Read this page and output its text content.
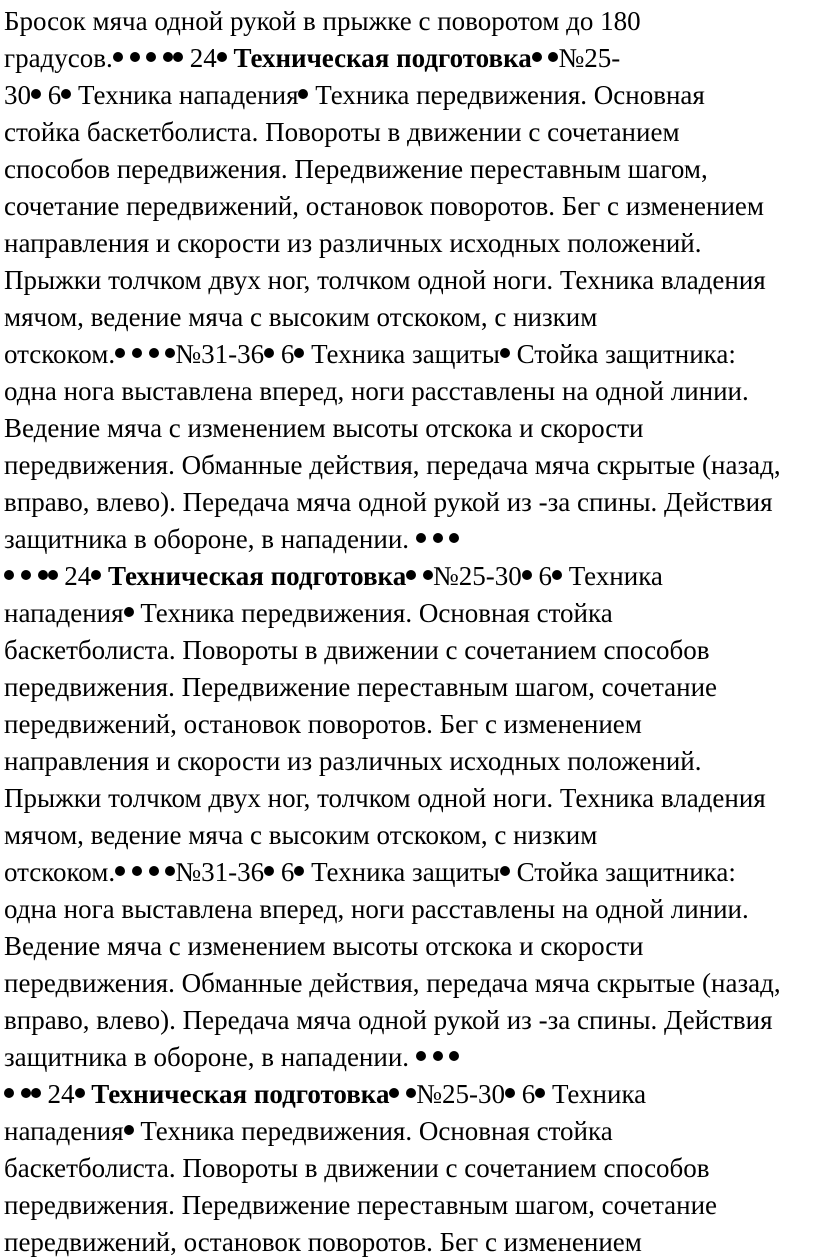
Бросок мяча одной рукой в прыжке с поворотом до 180
градусов.	24 Техническая подготовка №25-
30 6 Техника нападения Техника передвижения. Основная
стойка баскетболиста. Повороты в движении с сочетанием
способов передвижения. Передвижение переставным шагом,
сочетание передвижений, остановок поворотов. Бег с изменением
направления и скорости из различных исходных положений.
Прыжки толчком двух ног, толчком одной ноги. Техника владения
мячом, ведение мяча с высоким отскоком, с низким
отскоком. №31-36 6 Техника защиты Стойка защитника:
одна нога выставлена вперед, ноги расставлены на одной линии.
Ведение мяча с изменением высоты отскока и скорости
передвижения. Обманные действия, передача мяча скрытые (назад,
вправо, влево). Передача мяча одной рукой из -за спины. Действия
защитника в обороне, в нападении.
24 Техническая подготовка №25-30 6 Техника
нападения Техника передвижения. Основная стойка
баскетболиста. Повороты в движении с сочетанием способов
передвижения. Передвижение переставным шагом, сочетание
передвижений, остановок поворотов. Бег с изменением
направления и скорости из различных исходных положений.
Прыжки толчком двух ног, толчком одной ноги. Техника владения
мячом, ведение мяча с высоким отскоком, с низким
отскоком. №31-36 6 Техника защиты Стойка защитника:
одна нога выставлена вперед, ноги расставлены на одной линии.
Ведение мяча с изменением высоты отскока и скорости
передвижения. Обманные действия, передача мяча скрытые (назад,
вправо, влево). Передача мяча одной рукой из -за спины. Действия
защитника в обороне, в нападении.
24 Техническая подготовка №25-30 6 Техника
нападения Техника передвижения. Основная стойка
баскетболиста. Повороты в движении с сочетанием способов
передвижения. Передвижение переставным шагом, сочетание
передвижений, остановок поворотов. Бег с изменением
